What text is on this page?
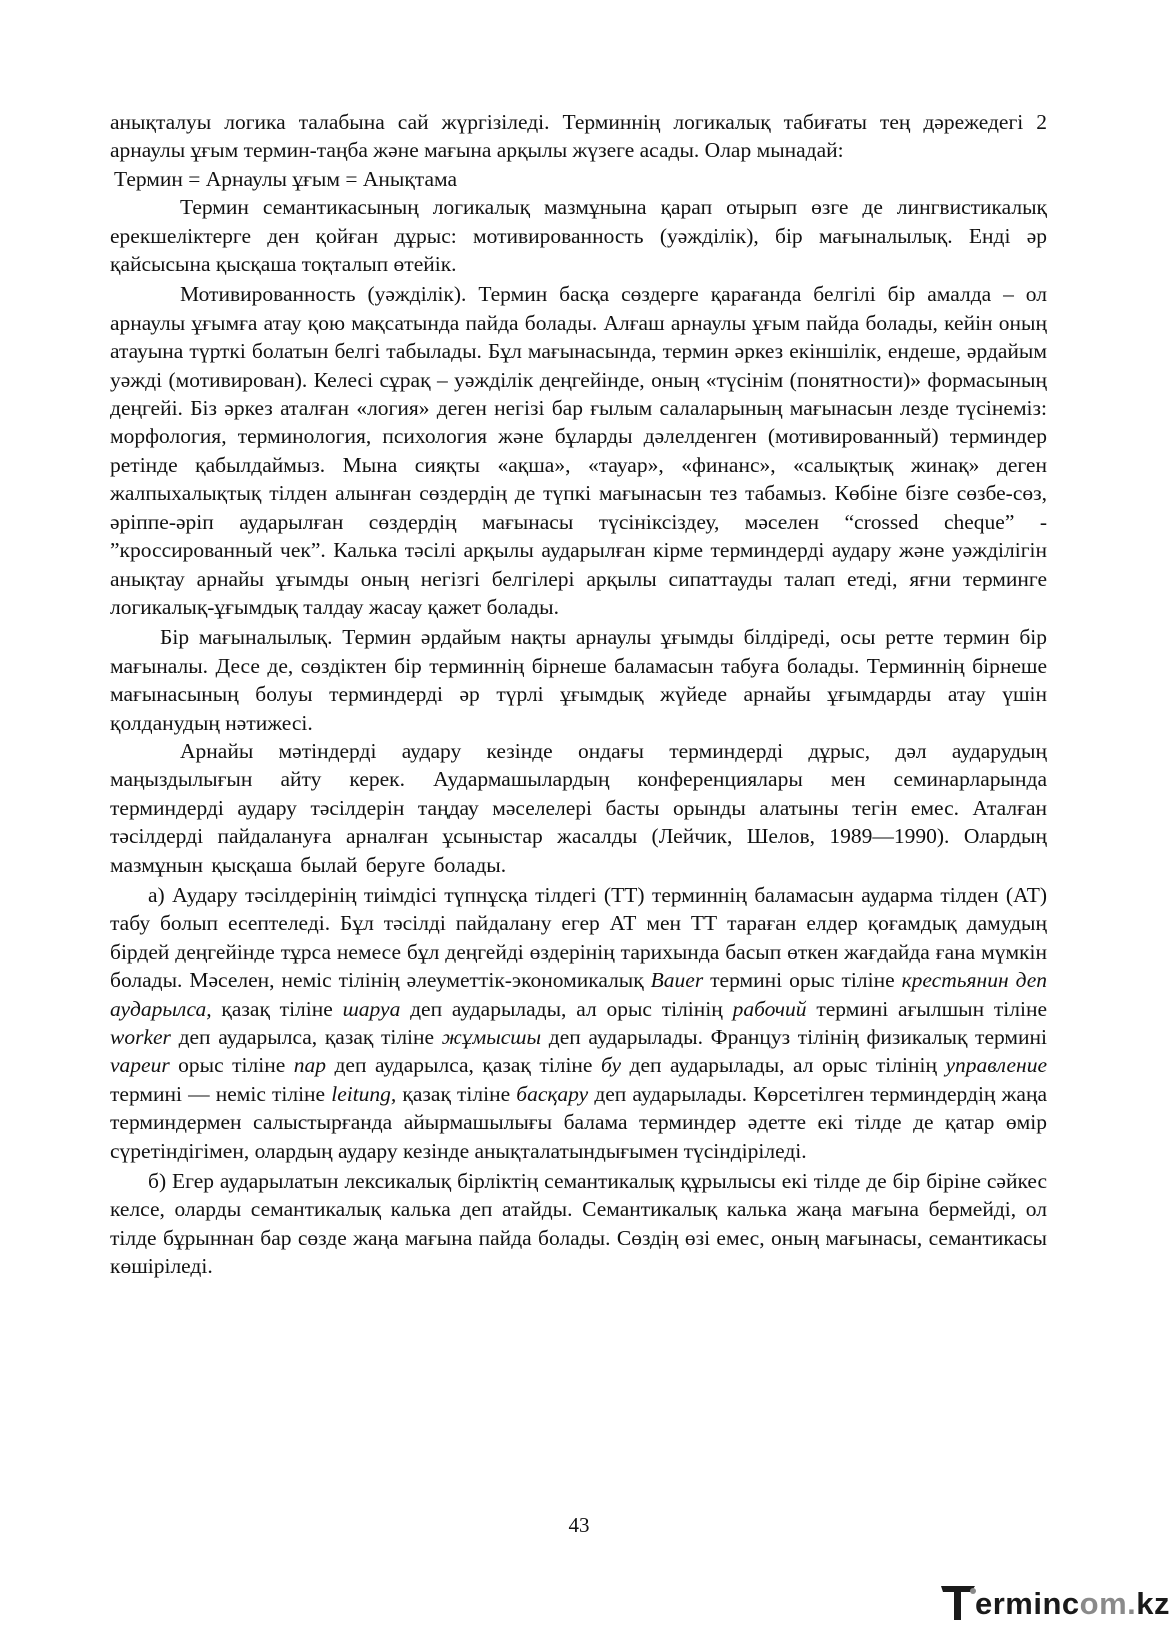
анықталуы логика талабына сай жүргізіледі. Терминнің логикалық табиғаты тең дәрежедегі 2 арнаулы ұғым термин-таңба және мағына арқылы жүзеге асады. Олар мынадай:

Термин = Арнаулы ұғым = Анықтама

Термин семантикасының логикалық мазмұнына қарап отырып өзге де лингвистикалық ерекшеліктерге ден қойған дұрыс: мотивированность (уәжділік), бір мағыналылық. Енді әр қайсысына қысқаша тоқталып өтейік.

Мотивированность (уәждiлiк). Термин басқа сөздерге қарағанда белгілі бір амалда – ол арнаулы ұғымға атау қою мақсатында пайда болады. Алғаш арнаулы ұғым пайда болады, кейін оның атауына түрткі болатын белгі табылады. Бұл мағынасында, термин әркез екіншілік, ендеше, әрдайым уәжді (мотивирован). Келесі сұрақ – уәжділік деңгейінде, оның «түсінім (понятности)» формасының деңгейі. Біз әркез аталған «логия» деген негізі бар ғылым салаларының мағынасын лезде түсінеміз: морфология, терминология, психология және бұларды дәлелденген (мотивированный) терминдер ретінде қабылдаймыз. Мына сияқты «ақша», «тауар», «финанс», «салықтық жинақ» деген жалпыхалықтық тілден алынған сөздердің де түпкі мағынасын тез табамыз. Көбіне бізге сөзбе-сөз, әріппе-әріп аударылған сөздердің мағынасы түсініксіздеу, мәселен “crossed cheque” - ”кроссированный чек”. Калька тәсілі арқылы аударылған кірме терминдерді аудару және уәжділігін анықтау арнайы ұғымды оның негізгі белгілері арқылы сипаттауды талап етеді, яғни терминге логикалық-ұғымдық талдау жасау қажет болады.

Бір мағыналылық. Термин әрдайым нақты арнаулы ұғымды білдіреді, осы ретте термин бір мағыналы. Десе де, сөздіктен бір терминнің бірнеше баламасын табуға болады. Терминнің бірнеше мағынасының болуы терминдерді әр түрлі ұғымдық жүйеде арнайы ұғымдарды атау үшін қолданудың нәтижесі.

Арнайы мәтіндерді аудару кезінде ондағы терминдерді дұрыс, дәл аударудың маңыздылығын айту керек. Аудармашылардың конференциялары мен семинарларында терминдерді аудару тәсілдерін таңдау мәселелері басты орынды алатыны тегін емес. Аталған тәсілдерді пайдалануға арналған ұсыныстар жасалды (Лейчик, Шелов, 1989—1990). Олардың мазмұнын қысқаша былай беруге болады.

а) Аудару тәсілдерінің тиімдісі түпнұсқа тілдегі (ТТ) терминнің баламасын аударма тілден (АТ) табу болып есептеледі. Бұл тәсілді пайдалану егер АТ мен ТТ тараған елдер қоғамдық дамудың бірдей деңгейінде тұрса немесе бұл деңгейді өздерінің тарихында басып өткен жағдайда ғана мүмкін болады. Мәселен, неміс тілінің әлеуметтік-экономикалық Bauer термині орыс тіліне крестьянин деп аударылса, қазақ тіліне шаруа деп аударылады, ал орыс тілінің рабочий термині ағылшын тіліне worker деп аударылса, қазақ тіліне жұмысшы деп аударылады. Француз тілінің физикалық термині vapeur орыс тіліне пар деп аударылса, қазақ тіліне бу деп аударылады, ал орыс тілінің управление термині — неміс тіліне leitung, қазақ тіліне басқару деп аударылады. Көрсетілген терминдердің жаңа терминдермен салыстырғанда айырмашылығы балама терминдер әдетте екі тілде де қатар өмір сүретіндігімен, олардың аудару кезінде анықталатындығымен түсіндіріледі.

б) Егер аударылатын лексикалық бірліктің семантикалық құрылысы екі тілде де бір біріне сәйкес келсе, оларды семантикалық калька деп атайды. Семантикалық калька жаңа мағына бермейді, ол тілде бұрыннан бар сөзде жаңа мағына пайда болады. Сөздің өзі емес, оның мағынасы, семантикасы көшіріледі.

43
ermincom.kz
